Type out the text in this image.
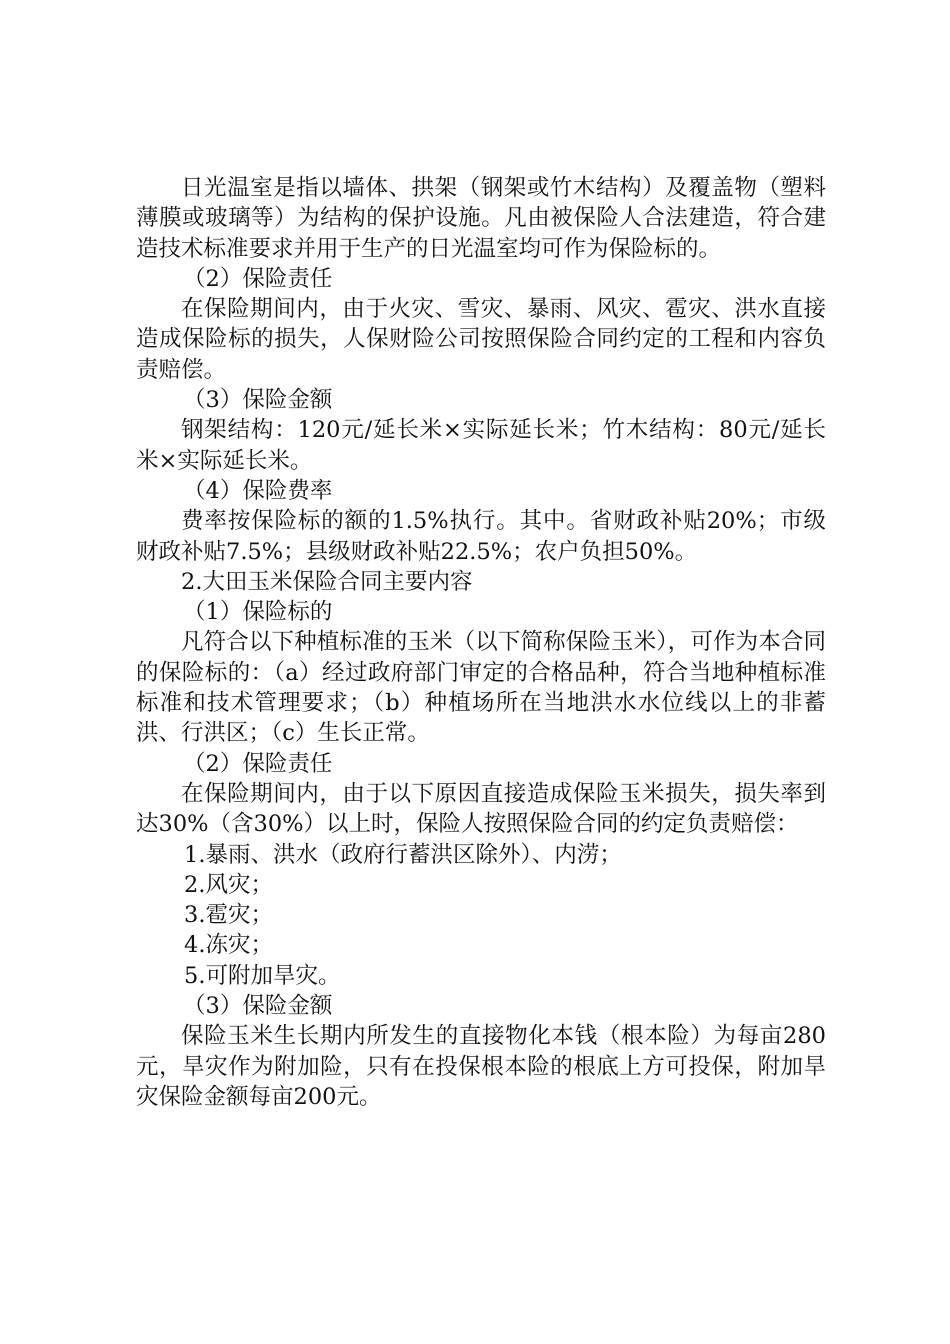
日光温室是指以墙体、拱架（钢架或竹木结构）及覆盖物（塑料薄膜或玻璃等）为结构的保护设施。凡由被保险人合法建造，符合建造技术标准要求并用于生产的日光温室均可作为保险标的。

（2）保险责任

在保险期间内，由于火灾、雪灾、暴雨、风灾、雹灾、洪水直接造成保险标的损失，人保财险公司按照保险合同约定的工程和内容负责赔偿。

（3）保险金额

钢架结构：120元/延长米×实际延长米；竹木结构：80元/延长米×实际延长米。

（4）保险费率

费率按保险标的额的1.5%执行。其中。省财政补贴20%；市级财政补贴7.5%；县级财政补贴22.5%；农户负担50%。

2.大田玉米保险合同主要内容

（1）保险标的

凡符合以下种植标准的玉米（以下简称保险玉米），可作为本合同的保险标的：（a）经过政府部门审定的合格品种，符合当地种植标准标准和技术管理要求；（b）种植场所在当地洪水水位线以上的非蓄洪、行洪区；（c）生长正常。

（2）保险责任

在保险期间内，由于以下原因直接造成保险玉米损失，损失率到达30%（含30%）以上时，保险人按照保险合同的约定负责赔偿：

1.暴雨、洪水（政府行蓄洪区除外）、内涝；

2.风灾；

3.雹灾；

4.冻灾；

5.可附加旱灾。

（3）保险金额

保险玉米生长期内所发生的直接物化本钱（根本险）为每亩280元，旱灾作为附加险，只有在投保根本险的根底上方可投保，附加旱灾保险金额每亩200元。
